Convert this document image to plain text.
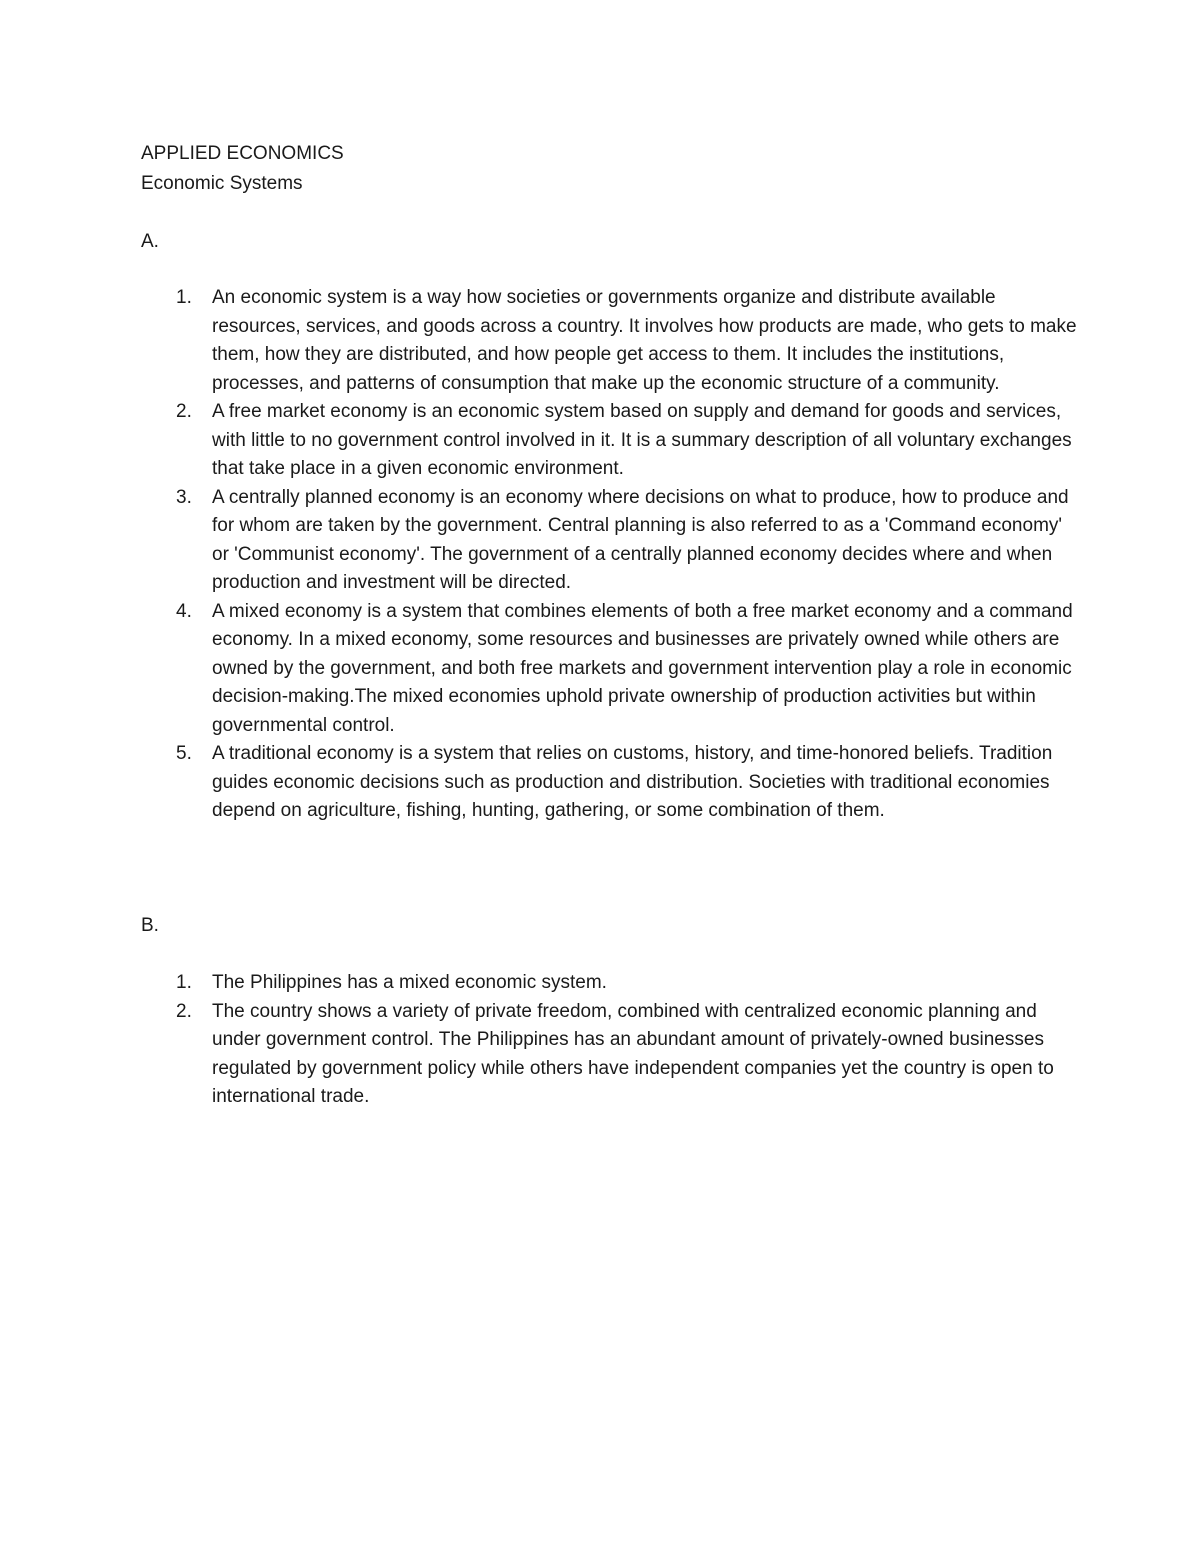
APPLIED ECONOMICS
Economic Systems
A.
1. An economic system is a way how societies or governments organize and distribute available resources, services, and goods across a country. It involves how products are made, who gets to make them, how they are distributed, and how people get access to them. It includes the institutions, processes, and patterns of consumption that make up the economic structure of a community.
2. A free market economy is an economic system based on supply and demand for goods and services, with little to no government control involved in it. It is a summary description of all voluntary exchanges that take place in a given economic environment.
3. A centrally planned economy is an economy where decisions on what to produce, how to produce and for whom are taken by the government. Central planning is also referred to as a 'Command economy' or 'Communist economy'. The government of a centrally planned economy decides where and when production and investment will be directed.
4. A mixed economy is a system that combines elements of both a free market economy and a command economy. In a mixed economy, some resources and businesses are privately owned while others are owned by the government, and both free markets and government intervention play a role in economic decision-making.The mixed economies uphold private ownership of production activities but within governmental control.
5. A traditional economy is a system that relies on customs, history, and time-honored beliefs. Tradition guides economic decisions such as production and distribution. Societies with traditional economies depend on agriculture, fishing, hunting, gathering, or some combination of them.
B.
1. The Philippines has a mixed economic system.
2. The country shows a variety of private freedom, combined with centralized economic planning and under government control. The Philippines has an abundant amount of privately-owned businesses regulated by government policy while others have independent companies yet the country is open to international trade.
